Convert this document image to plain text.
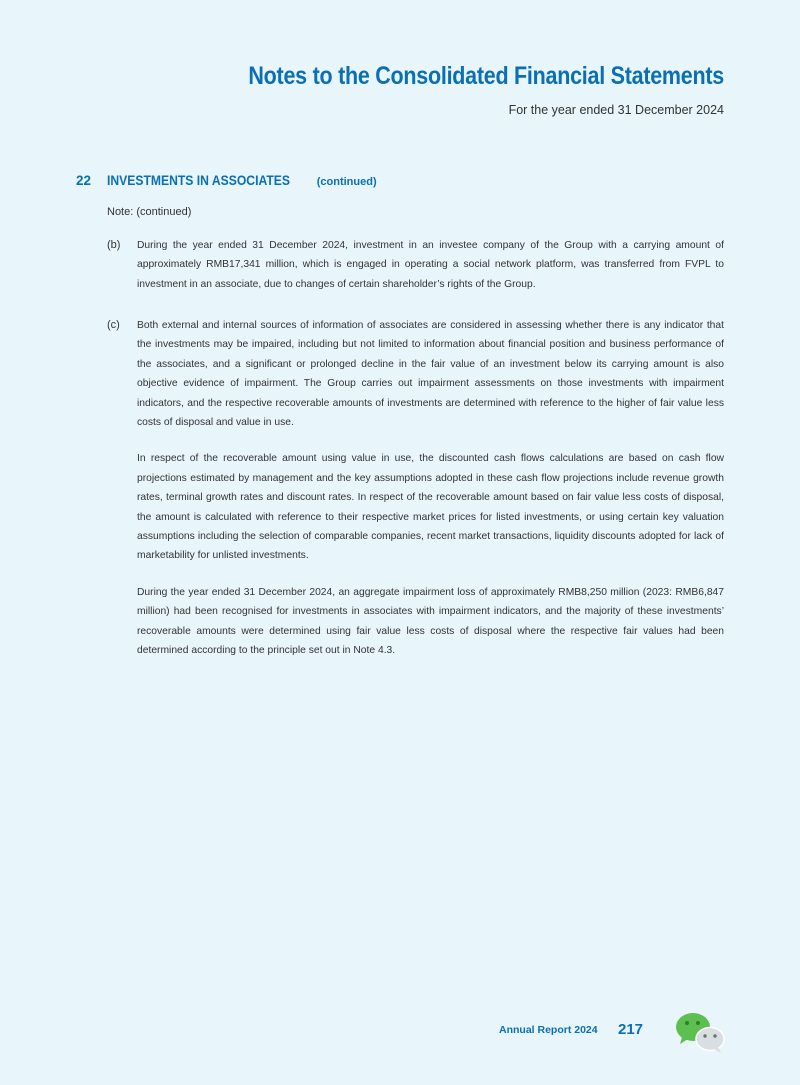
Notes to the Consolidated Financial Statements
For the year ended 31 December 2024
22 INVESTMENTS IN ASSOCIATES (continued)
Note: (continued)
(b) During the year ended 31 December 2024, investment in an investee company of the Group with a carrying amount of approximately RMB17,341 million, which is engaged in operating a social network platform, was transferred from FVPL to investment in an associate, due to changes of certain shareholder’s rights of the Group.

(c) Both external and internal sources of information of associates are considered in assessing whether there is any indicator that the investments may be impaired, including but not limited to information about financial position and business performance of the associates, and a significant or prolonged decline in the fair value of an investment below its carrying amount is also objective evidence of impairment. The Group carries out impairment assessments on those investments with impairment indicators, and the respective recoverable amounts of investments are determined with reference to the higher of fair value less costs of disposal and value in use.

In respect of the recoverable amount using value in use, the discounted cash flows calculations are based on cash flow projections estimated by management and the key assumptions adopted in these cash flow projections include revenue growth rates, terminal growth rates and discount rates. In respect of the recoverable amount based on fair value less costs of disposal, the amount is calculated with reference to their respective market prices for listed investments, or using certain key valuation assumptions including the selection of comparable companies, recent market transactions, liquidity discounts adopted for lack of marketability for unlisted investments.

During the year ended 31 December 2024, an aggregate impairment loss of approximately RMB8,250 million (2023: RMB6,847 million) had been recognised for investments in associates with impairment indicators, and the majority of these investments’ recoverable amounts were determined using fair value less costs of disposal where the respective fair values had been determined according to the principle set out in Note 4.3.

Annual Report 2024 217
